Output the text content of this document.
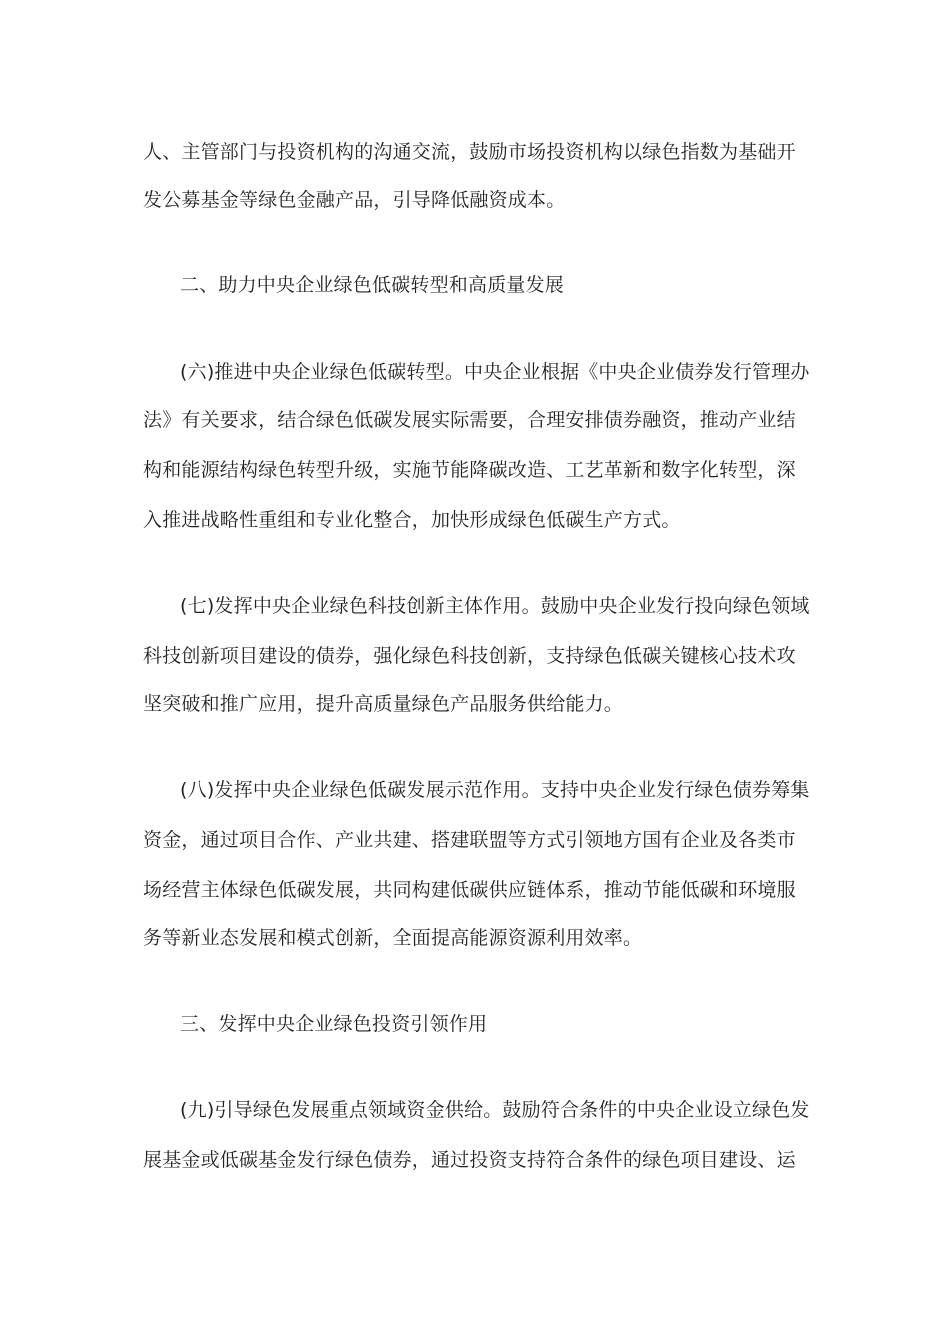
人、主管部门与投资机构的沟通交流，鼓励市场投资机构以绿色指数为基础开
发公募基金等绿色金融产品，引导降低融资成本。
二、助力中央企业绿色低碳转型和高质量发展
(六)推进中央企业绿色低碳转型。中央企业根据《中央企业债券发行管理办
法》有关要求，结合绿色低碳发展实际需要，合理安排债券融资，推动产业结
构和能源结构绿色转型升级，实施节能降碳改造、工艺革新和数字化转型，深
入推进战略性重组和专业化整合，加快形成绿色低碳生产方式。
(七)发挥中央企业绿色科技创新主体作用。鼓励中央企业发行投向绿色领域
科技创新项目建设的债券，强化绿色科技创新，支持绿色低碳关键核心技术攻
坚突破和推广应用，提升高质量绿色产品服务供给能力。
(八)发挥中央企业绿色低碳发展示范作用。支持中央企业发行绿色债券筹集
资金，通过项目合作、产业共建、搭建联盟等方式引领地方国有企业及各类市
场经营主体绿色低碳发展，共同构建低碳供应链体系，推动节能低碳和环境服
务等新业态发展和模式创新，全面提高能源资源利用效率。
三、发挥中央企业绿色投资引领作用
(九)引导绿色发展重点领域资金供给。鼓励符合条件的中央企业设立绿色发
展基金或低碳基金发行绿色债券，通过投资支持符合条件的绿色项目建设、运
